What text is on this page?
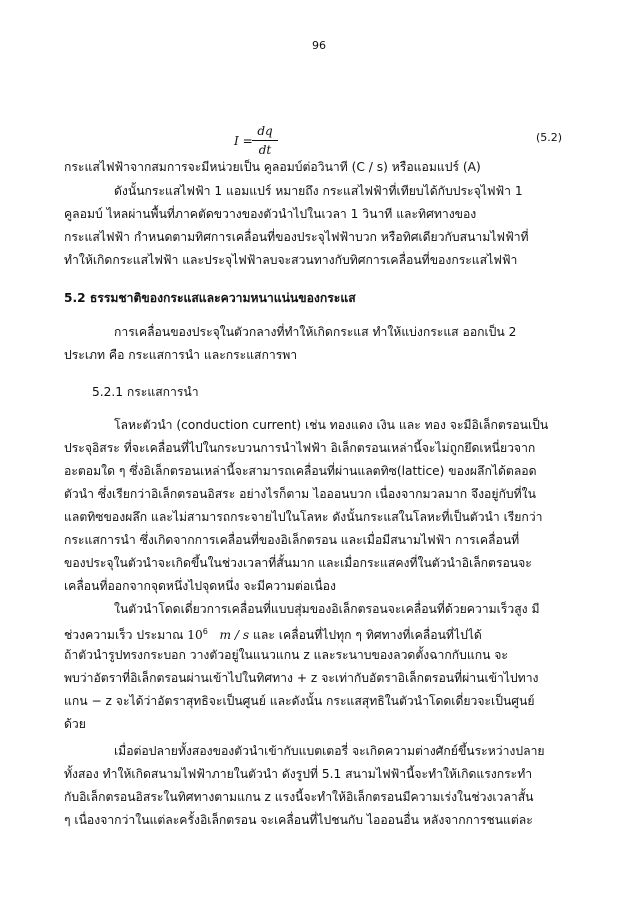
96
I =
dq
dt
(5.2)
กระแสไฟฟ้าจากสมการจะมีหน่วยเป็น คูลอมบ์ต่อวินาที (C / s) หรือแอมแปร์ (A)
ดังนั้นกระแสไฟฟ้า 1 แอมแปร์ หมายถึง กระแสไฟฟ้าที่เทียบได้กับประจุไฟฟ้า 1
คูลอมบ์ ไหลผ่านพื้นที่ภาคตัดขวางของตัวนำไปในเวลา 1 วินาที และทิศทางของ
กระแสไฟฟ้า กำหนดตามทิศการเคลื่อนที่ของประจุไฟฟ้าบวก หรือทิศเดียวกับสนามไฟฟ้าที่
ทำให้เกิดกระแสไฟฟ้า และประจุไฟฟ้าลบจะสวนทางกับทิศการเคลื่อนที่ของกระแสไฟฟ้า
5.2 ธรรมชาติของกระแสและความหนาแน่นของกระแส
การเคลื่อนของประจุในตัวกลางที่ทำให้เกิดกระแส ทำให้แบ่งกระแส ออกเป็น 2
ประเภท คือ กระแสการนำ และกระแสการพา
5.2.1 กระแสการนำ
โลหะตัวนำ (conduction current) เช่น ทองแดง เงิน และ ทอง จะมีอิเล็กตรอนเป็น
ประจุอิสระ ที่จะเคลื่อนที่ไปในกระบวนการนำไฟฟ้า อิเล็กตรอนเหล่านี้จะไม่ถูกยึดเหนี่ยวจาก
อะตอมใด ๆ ซึ่งอิเล็กตรอนเหล่านี้จะสามารถเคลื่อนที่ผ่านแลตทิซ(lattice) ของผลึกได้ตลอด
ตัวนำ ซึ่งเรียกว่าอิเล็กตรอนอิสระ อย่างไรก็ตาม ไอออนบวก เนื่องจากมวลมาก จึงอยู่กับที่ใน
แลตทิซของผลึก และไม่สามารถกระจายไปในโลหะ ดังนั้นกระแสในโลหะที่เป็นตัวนำ เรียกว่า
กระแสการนำ ซึ่งเกิดจากการเคลื่อนที่ของอิเล็กตรอน และเมื่อมีสนามไฟฟ้า การเคลื่อนที่
ของประจุในตัวนำจะเกิดขึ้นในช่วงเวลาที่สั้นมาก และเมื่อกระแสคงที่ในตัวนำอิเล็กตรอนจะ
เคลื่อนที่ออกจากจุดหนึ่งไปจุดหนึ่ง จะมีความต่อเนื่อง
ในตัวนำโดดเดี่ยวการเคลื่อนที่แบบสุ่มของอิเล็กตรอนจะเคลื่อนที่ด้วยความเร็วสูง มี
ช่วงความเร็ว ประมาณ $10^6$ m / s และ เคลื่อนที่ไปทุก ๆ ทิศทางที่เคลื่อนที่ไปได้
ถ้าตัวนำรูปทรงกระบอก วางตัวอยู่ในแนวแกน z และระนาบของลวดตั้งฉากกับแกน จะ
พบว่าอัตราที่อิเล็กตรอนผ่านเข้าไปในทิศทาง + z จะเท่ากับอัตราอิเล็กตรอนที่ผ่านเข้าไปทาง
แกน − z จะได้ว่าอัตราสุทธิจะเป็นศูนย์ และดังนั้น กระแสสุทธิในตัวนำโดดเดี่ยวจะเป็นศูนย์
ด้วย
เมื่อต่อปลายทั้งสองของตัวนำเข้ากับแบตเตอรี่ จะเกิดความต่างศักย์ขึ้นระหว่างปลาย
ทั้งสอง ทำให้เกิดสนามไฟฟ้าภายในตัวนำ ดังรูปที่ 5.1 สนามไฟฟ้านี้จะทำให้เกิดแรงกระทำ
กับอิเล็กตรอนอิสระในทิศทางตามแกน z แรงนี้จะทำให้อิเล็กตรอนมีความเร่งในช่วงเวลาสั้น
ๆ เนื่องจากว่าในแต่ละครั้งอิเล็กตรอน จะเคลื่อนที่ไปชนกับ ไอออนอื่น หลังจากการชนแต่ละ
